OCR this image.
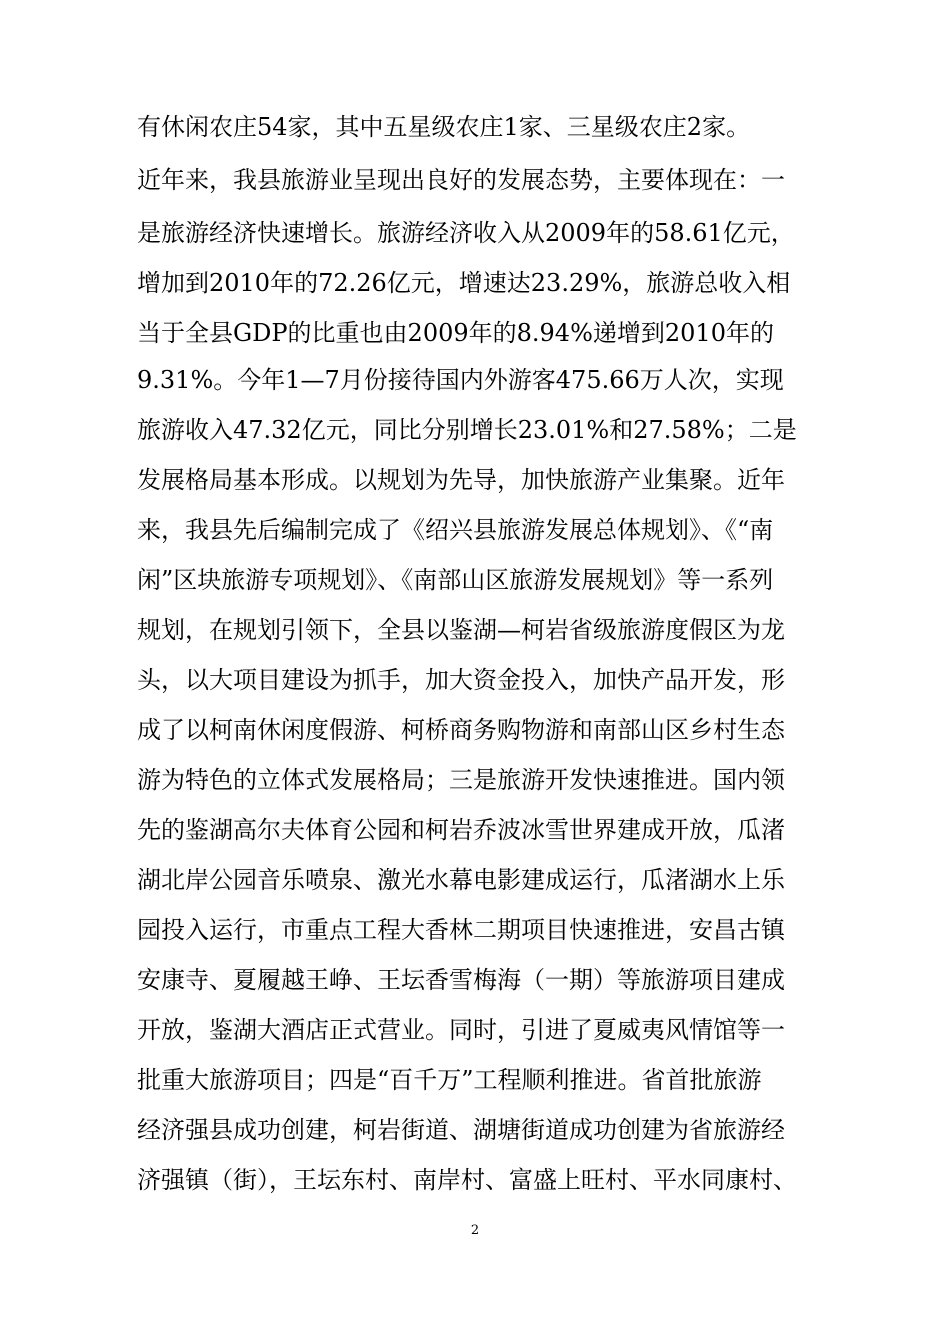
有休闲农庄54家，其中五星级农庄1家、三星级农庄2家。
近年来，我县旅游业呈现出良好的发展态势，主要体现在：一
是旅游经济快速增长。旅游经济收入从2009年的58.61亿元，
增加到2010年的72.26亿元，增速达23.29%，旅游总收入相
当于全县GDP的比重也由2009年的8.94%递增到2010年的
9.31%。今年1—7月份接待国内外游客475.66万人次，实现
旅游收入47.32亿元，同比分别增长23.01%和27.58%；二是
发展格局基本形成。以规划为先导，加快旅游产业集聚。近年
来，我县先后编制完成了《绍兴县旅游发展总体规划》、《“南
闲”区块旅游专项规划》、《南部山区旅游发展规划》等一系列
规划，在规划引领下，全县以鉴湖—柯岩省级旅游度假区为龙
头，以大项目建设为抓手，加大资金投入，加快产品开发，形
成了以柯南休闲度假游、柯桥商务购物游和南部山区乡村生态
游为特色的立体式发展格局；三是旅游开发快速推进。国内领
先的鉴湖高尔夫体育公园和柯岩乔波冰雪世界建成开放，瓜渚
湖北岸公园音乐喷泉、激光水幕电影建成运行，瓜渚湖水上乐
园投入运行，市重点工程大香林二期项目快速推进，安昌古镇
安康寺、夏履越王峥、王坛香雪梅海（一期）等旅游项目建成
开放，鉴湖大酒店正式营业。同时，引进了夏威夷风情馆等一
批重大旅游项目；四是“百千万”工程顺利推进。省首批旅游
经济强县成功创建，柯岩街道、湖塘街道成功创建为省旅游经
济强镇（街），王坛东村、南岸村、富盛上旺村、平水同康村、
2
